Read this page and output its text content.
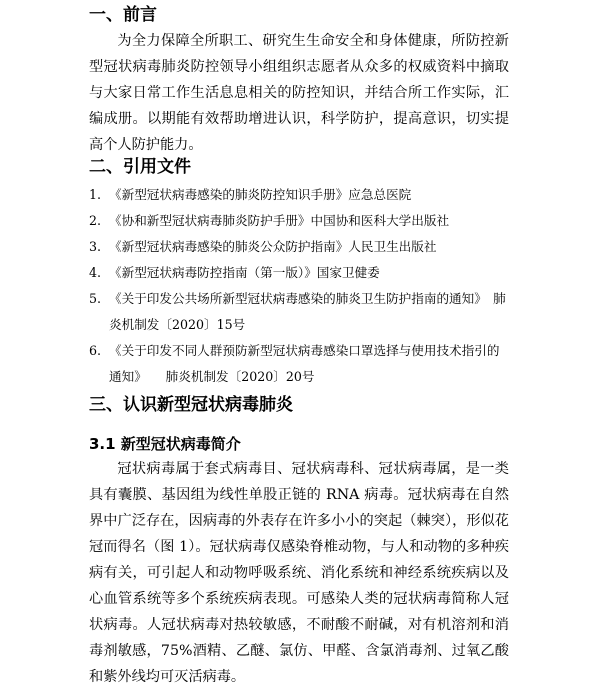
一、前言

为全力保障全所职工、研究生生命安全和身体健康，所防控新型冠状病毒肺炎防控领导小组组织志愿者从众多的权威资料中摘取与大家日常工作生活息息相关的防控知识，并结合所工作实际，汇编成册。以期能有效帮助增进认识，科学防护，提高意识，切实提高个人防护能力。

二、引用文件
1. 《新型冠状病毒感染的肺炎防控知识手册》应急总医院
2. 《协和新型冠状病毒肺炎防护手册》中国协和医科大学出版社
3. 《新型冠状病毒感染的肺炎公众防护指南》人民卫生出版社
4. 《新型冠状病毒防控指南（第一版）》国家卫健委
5. 《关于印发公共场所新型冠状病毒感染的肺炎卫生防护指南的通知》　肺炎机制发〔2020〕15号
6. 《关于印发不同人群预防新型冠状病毒感染口罩选择与使用技术指引的通知》　　肺炎机制发〔2020〕20号
三、认识新型冠状病毒肺炎
3.1 新型冠状病毒简介

冠状病毒属于套式病毒目、冠状病毒科、冠状病毒属，是一类具有囊膜、基因组为线性单股正链的 RNA 病毒。冠状病毒在自然界中广泛存在，因病毒的外表存在许多小小的突起（棘突），形似花冠而得名（图 1）。冠状病毒仅感染脊椎动物，与人和动物的多种疾病有关，可引起人和动物呼吸系统、消化系统和神经系统疾病以及心血管系统等多个系统疾病表现。可感染人类的冠状病毒简称人冠状病毒。人冠状病毒对热较敏感，不耐酸不耐碱，对有机溶剂和消毒剂敏感，75%酒精、乙醚、氯仿、甲醛、含氯消毒剂、过氧乙酸和紫外线均可灭活病毒。
